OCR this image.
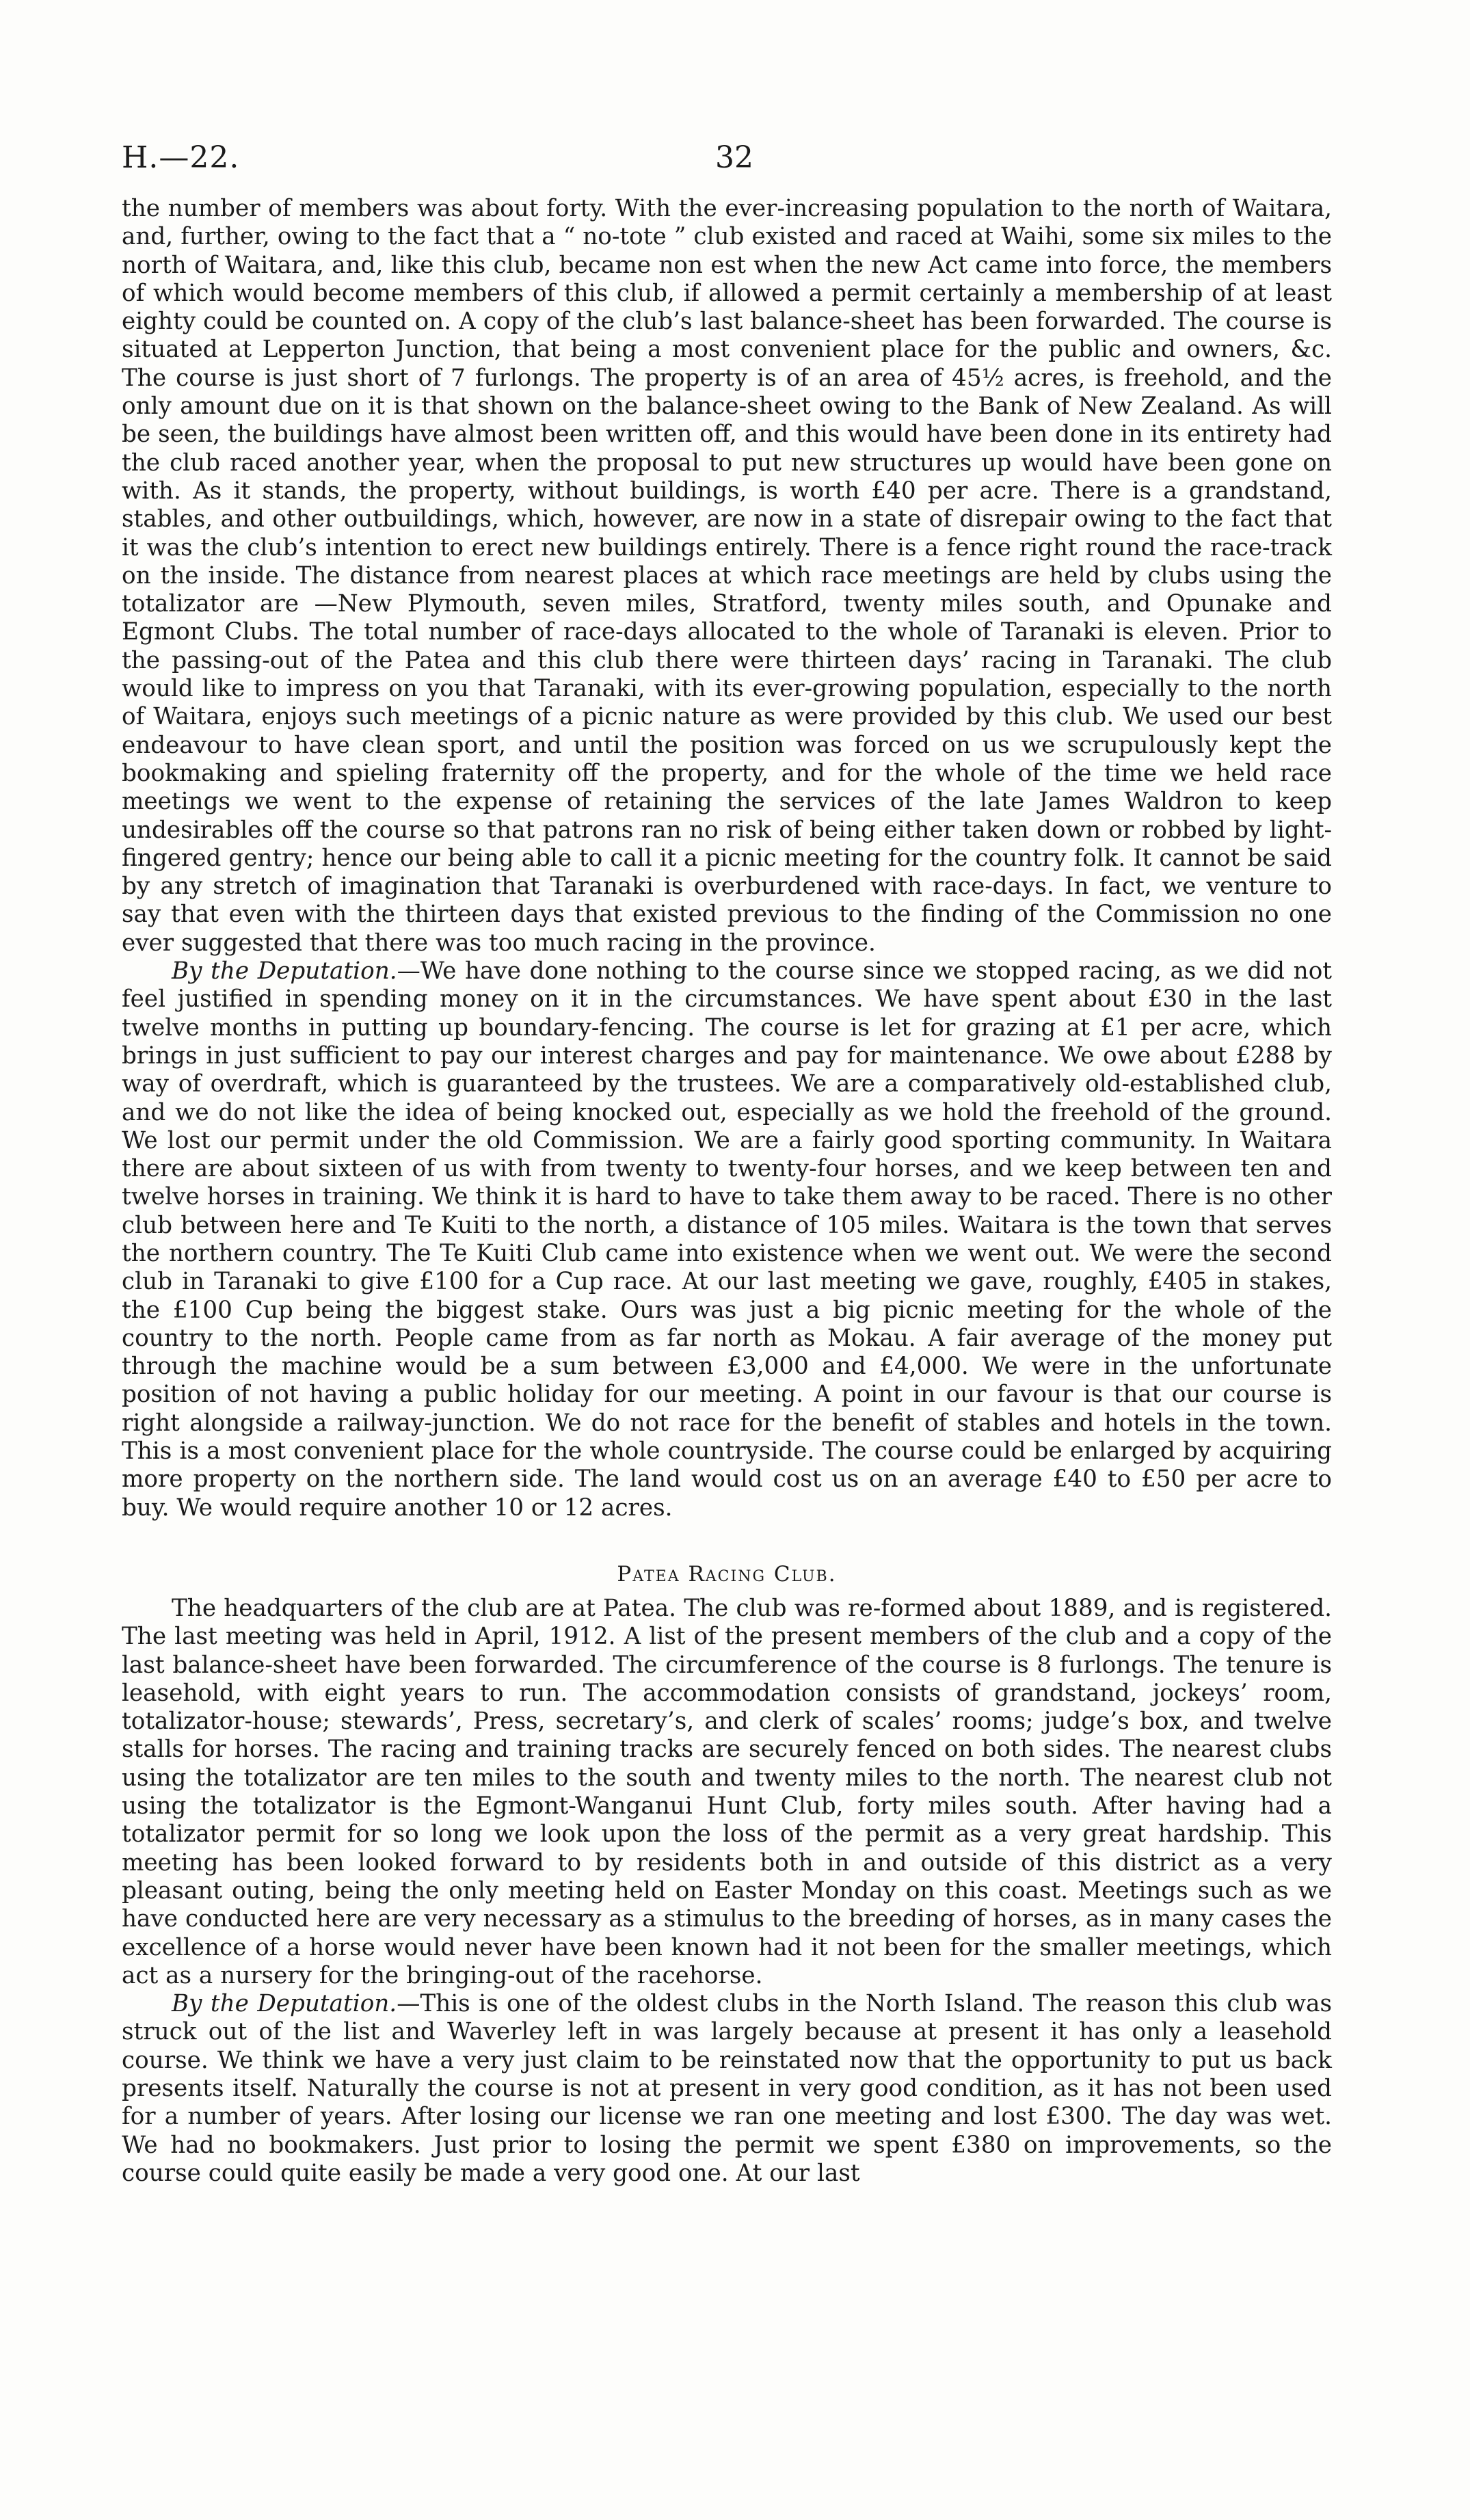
H.—22.	32

the number of members was about forty. With the ever-increasing population to the north of Waitara, and, further, owing to the fact that a “ no-tote ” club existed and raced at Waihi, some six miles to the north of Waitara, and, like this club, became non est when the new Act came into force, the members of which would become members of this club, if allowed a permit certainly a membership of at least eighty could be counted on. A copy of the club’s last balance-sheet has been forwarded. The course is situated at Lepperton Junction, that being a most convenient place for the public and owners, &c. The course is just short of 7 furlongs. The property is of an area of 45½ acres, is freehold, and the only amount due on it is that shown on the balance-sheet owing to the Bank of New Zealand. As will be seen, the buildings have almost been written off, and this would have been done in its entirety had the club raced another year, when the proposal to put new structures up would have been gone on with. As it stands, the property, without buildings, is worth £40 per acre. There is a grandstand, stables, and other outbuildings, which, however, are now in a state of disrepair owing to the fact that it was the club’s intention to erect new buildings entirely. There is a fence right round the race-track on the inside. The distance from nearest places at which race meetings are held by clubs using the totalizator are —New Plymouth, seven miles, Stratford, twenty miles south, and Opunake and Egmont Clubs. The total number of race-days allocated to the whole of Taranaki is eleven. Prior to the passing-out of the Patea and this club there were thirteen days’ racing in Taranaki. The club would like to impress on you that Taranaki, with its ever-growing population, especially to the north of Waitara, enjoys such meetings of a picnic nature as were provided by this club. We used our best endeavour to have clean sport, and until the position was forced on us we scrupulously kept the bookmaking and spieling fraternity off the property, and for the whole of the time we held race meetings we went to the expense of retaining the services of the late James Waldron to keep undesirables off the course so that patrons ran no risk of being either taken down or robbed by light-fingered gentry; hence our being able to call it a picnic meeting for the country folk. It cannot be said by any stretch of imagination that Taranaki is overburdened with race-days. In fact, we venture to say that even with the thirteen days that existed previous to the finding of the Commission no one ever suggested that there was too much racing in the province.

By the Deputation.—We have done nothing to the course since we stopped racing, as we did not feel justified in spending money on it in the circumstances. We have spent about £30 in the last twelve months in putting up boundary-fencing. The course is let for grazing at £1 per acre, which brings in just sufficient to pay our interest charges and pay for maintenance. We owe about £288 by way of overdraft, which is guaranteed by the trustees. We are a comparatively old-established club, and we do not like the idea of being knocked out, especially as we hold the freehold of the ground. We lost our permit under the old Commission. We are a fairly good sporting community. In Waitara there are about sixteen of us with from twenty to twenty-four horses, and we keep between ten and twelve horses in training. We think it is hard to have to take them away to be raced. There is no other club between here and Te Kuiti to the north, a distance of 105 miles. Waitara is the town that serves the northern country. The Te Kuiti Club came into existence when we went out. We were the second club in Taranaki to give £100 for a Cup race. At our last meeting we gave, roughly, £405 in stakes, the £100 Cup being the biggest stake. Ours was just a big picnic meeting for the whole of the country to the north. People came from as far north as Mokau. A fair average of the money put through the machine would be a sum between £3,000 and £4,000. We were in the unfortunate position of not having a public holiday for our meeting. A point in our favour is that our course is right alongside a railway-junction. We do not race for the benefit of stables and hotels in the town. This is a most convenient place for the whole countryside. The course could be enlarged by acquiring more property on the northern side. The land would cost us on an average £40 to £50 per acre to buy. We would require another 10 or 12 acres.

Patea Racing Club.

The headquarters of the club are at Patea. The club was re-formed about 1889, and is registered. The last meeting was held in April, 1912. A list of the present members of the club and a copy of the last balance-sheet have been forwarded. The circumference of the course is 8 furlongs. The tenure is leasehold, with eight years to run. The accommodation consists of grandstand, jockeys’ room, totalizator-house; stewards’, Press, secretary’s, and clerk of scales’ rooms; judge’s box, and twelve stalls for horses. The racing and training tracks are securely fenced on both sides. The nearest clubs using the totalizator are ten miles to the south and twenty miles to the north. The nearest club not using the totalizator is the Egmont-Wanganui Hunt Club, forty miles south. After having had a totalizator permit for so long we look upon the loss of the permit as a very great hardship. This meeting has been looked forward to by residents both in and outside of this district as a very pleasant outing, being the only meeting held on Easter Monday on this coast. Meetings such as we have conducted here are very necessary as a stimulus to the breeding of horses, as in many cases the excellence of a horse would never have been known had it not been for the smaller meetings, which act as a nursery for the bringing-out of the racehorse.

By the Deputation.—This is one of the oldest clubs in the North Island. The reason this club was struck out of the list and Waverley left in was largely because at present it has only a leasehold course. We think we have a very just claim to be reinstated now that the opportunity to put us back presents itself. Naturally the course is not at present in very good condition, as it has not been used for a number of years. After losing our license we ran one meeting and lost £300. The day was wet. We had no bookmakers. Just prior to losing the permit we spent £380 on improvements, so the course could quite easily be made a very good one. At our last
